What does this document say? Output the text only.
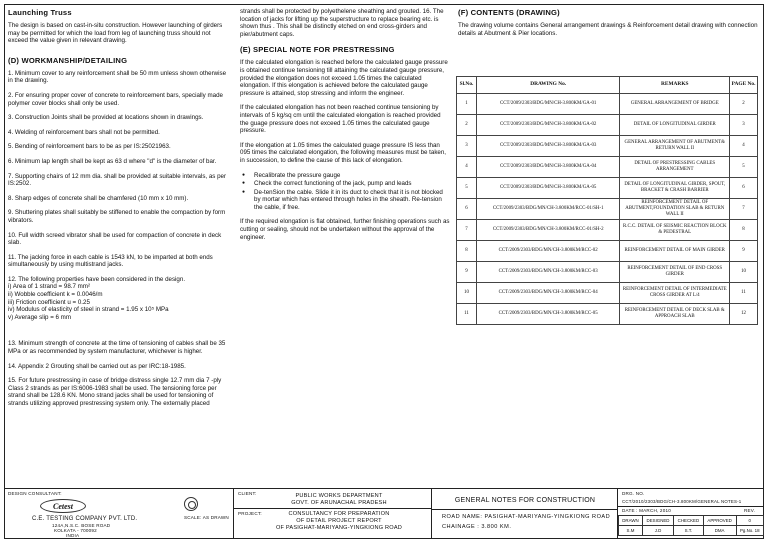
Launching Truss
The design is based on cast-in-situ construction. However launching of girders may be permitted for which the load from leg of launching truss should not exceed the value given in relevant drawing.
(D) WORKMANSHIP/DETAILING
1. Minimum cover to any reinforcement shall be 50 mm unless shown otherwise in the drawing.
2. For ensuring proper cover of concrete to reinforcement bars, specially made polymer cover blocks shall only be used.
3. Construction Joints shall be provided at locations shown in drawings.
4. Welding of reinforcement bars shall not be permitted.
5. Bending of reinforcement bars to be as per IS:25021963.
6. Minimum lap length shall be kept as 63 d where "d" is the diameter of bar.
7. Supporting chairs of 12 mm dia. shall be provided at suitable intervals, as per IS:2502.
8. Sharp edges of concrete shall be chamfered (10 mm x 10 mm).
9. Shuttering plates shall suitably be stiffened to enable the compaction by form vibrators.
10. Full width screed vibrator shall be used for compaction of concrete in deck slab.
11. The jacking force in each cable is 1543 kN, to be imparted at both ends simultaneously by using multistrand jacks.
12. The following properties have been considered in the design.
i) Area of 1 strand = 98.7 mm²
ii) Wobble coefficient k = 0.0046/m
iii) Friction coefficient u = 0.25
iv) Modulus of elasticity of steel in strand = 1.95 x 10⁵ MPa
v) Average slip = 6 mm
13. Minimum strength of concrete at the time of tensioning of cables shall be 35 MPa or as recommended by system manufacturer, whichever is higher.
14. Appendix 2 Grouting shall be carried out as per IRC:18-1985.
15. For future prestressing in case of bridge distress single 12.7 mm dia 7 -ply Class 2 strands as per IS:6006-1983 shall be used. The tensioning force per strand shall be 128.6 KN. Mono strand jacks shall be used for tensioning of strands utilizing approved prestressing system only. The externally placed
strands shall be protected by polyethelene sheathing and grouted. 16. The location of jacks for lifting up the superstructure to replace bearing etc. is shown thus . This shall be distinctly etched on end cross-girders and pier/abutment caps.
(E) SPECIAL NOTE FOR PRESTRESSING
If the calculated elongation is reached before the calculated gauge pressure is obtained continue tensioning till attaining the calculated gauge pressure, provided the elongation does not exceed 1.05 times the calculated elongation. If this elongation is achieved before the calculated gauge pressure is attained, stop stressing and inform the engineer.
If the calculated elongation has not been reached continue tensioning by intervals of 5 kg/sq cm until the calculated elongation is reached provided the guage pressure does not exceed 1.05 times the calculated gauge pressure.
If the elongation at 1.05 times the calculated guage pressure IS less than 095 times the calculated elongation, the following measures must be taken, in succession, to define the cause of this lack of elongation.
● Recalibrate the pressure gauge
● Check the correct functioning of the jack, pump and leads
● De-tenSion the cable. Slide it in its duct to check that it is not blocked by mortar which has entered through holes in the sheath. Re-tension the cable, if free.
If the required elongation is flat obtained, further finishing operations such as cutting or sealing, should not be undertaken without the approval of the engineer.
(F) CONTENTS (DRAWING)
The drawing volume contains General arrangement drawings & Reinforcement detail drawing with connection details at Abutment & Pier locations.
Sl.No.	DRAWING No.	REMARKS	PAGE No.
1	CCT/2009/2303/BDG/MN/CH-3.800KM/GA-01	GENERAL ARRANGEMENT OF BRIDGE	2
2	CCT/2009/2303/BDG/MN/CH-3.800KM/GA-02	DETAIL OF LONGITUDINAL GIRDER	3
3	CCT/2009/2303/BDG/MN/CH-3.800KM/GA-03	GENERAL ARRANGEMENT OF ABUTMENT& RETURN WALL II	4
4	CCT/2009/2303/BDG/MN/CH-3.800KM/GA-04	DETAIL OF PRESTRESSING CABLES ARRANGEMENT	5
5	CCT/2009/2303/BDG/MN/CH-3.800KM/GA-05	DETAIL OF LONGITUDINAL GIRDER, SPOUT, BRACKET & CRASH BARRIER	6
6	CCT/2009/2303/BDG/MN/CH-3.800KM/RCC-01/SH-1	REINFORCEMENT DETAIL OF ABUTMENT,FOUNDATION SLAB & RETURN WALL II	7
7	CCT/2009/2303/BDG/MN/CH-3.800KM/RCC-01/SH-2	R.C.C. DETAIL OF SEISMIC REACTION BLOCK & PEDESTRAL	8
8	CCT/2009/2303/BDG/MN/CH-3.800KM/RCC-02	REINFORCEMENT DETAIL OF MAIN GIRDER	9
9	CCT/2009/2303/BDG/MN/CH-3.800KM/RCC-03	REINFORCEMENT DETAIL OF END CROSS GIRDER	10
10	CCT/2009/2303/BDG/MN/CH-3.800KM/RCC-04	REINFORCEMENT DETAIL OF INTERMEDIATE CROSS GIRDER AT L/4	11
11	CCT/2009/2303/BDG/MN/CH-3.800KM/RCC-05	REINFORCEMENT DETAIL OF DECK SLAB & APPROACH SLAB	12
DESIGN CONSULTANT:
Cetest
SCALE: AS DRAWN
C.E. TESTING COMPANY PVT. LTD.
124A,N.S.C. BOSE ROAD
KOLKATA - 700092
INDIA
CLIENT:	PUBLIC WORKS DEPARTMENT
GOVT. OF ARUNACHAL PRADESH
PROJECT:	CONSULTANCY FOR PREPARATION
OF DETAIL PROJECT REPORT
OF PASIGHAT-MARIYANG-YINGKIONG ROAD
GENERAL NOTES FOR CONSTRUCTION
ROAD NAME: PASIGHAT-MARIYANG-YINGKIONG ROAD
CHAINAGE : 3.800 KM.
DRG. NO.
CCT/2010/2303/BDG/CH-3.800KM/GENERAL NOTES-1
DATE : MARCH, 2010	REV.
DRAWN	DESIGNED	CHECKED	APPROVED	0
S.M	J.D	S.T.	DMA	Pg.No. 18
